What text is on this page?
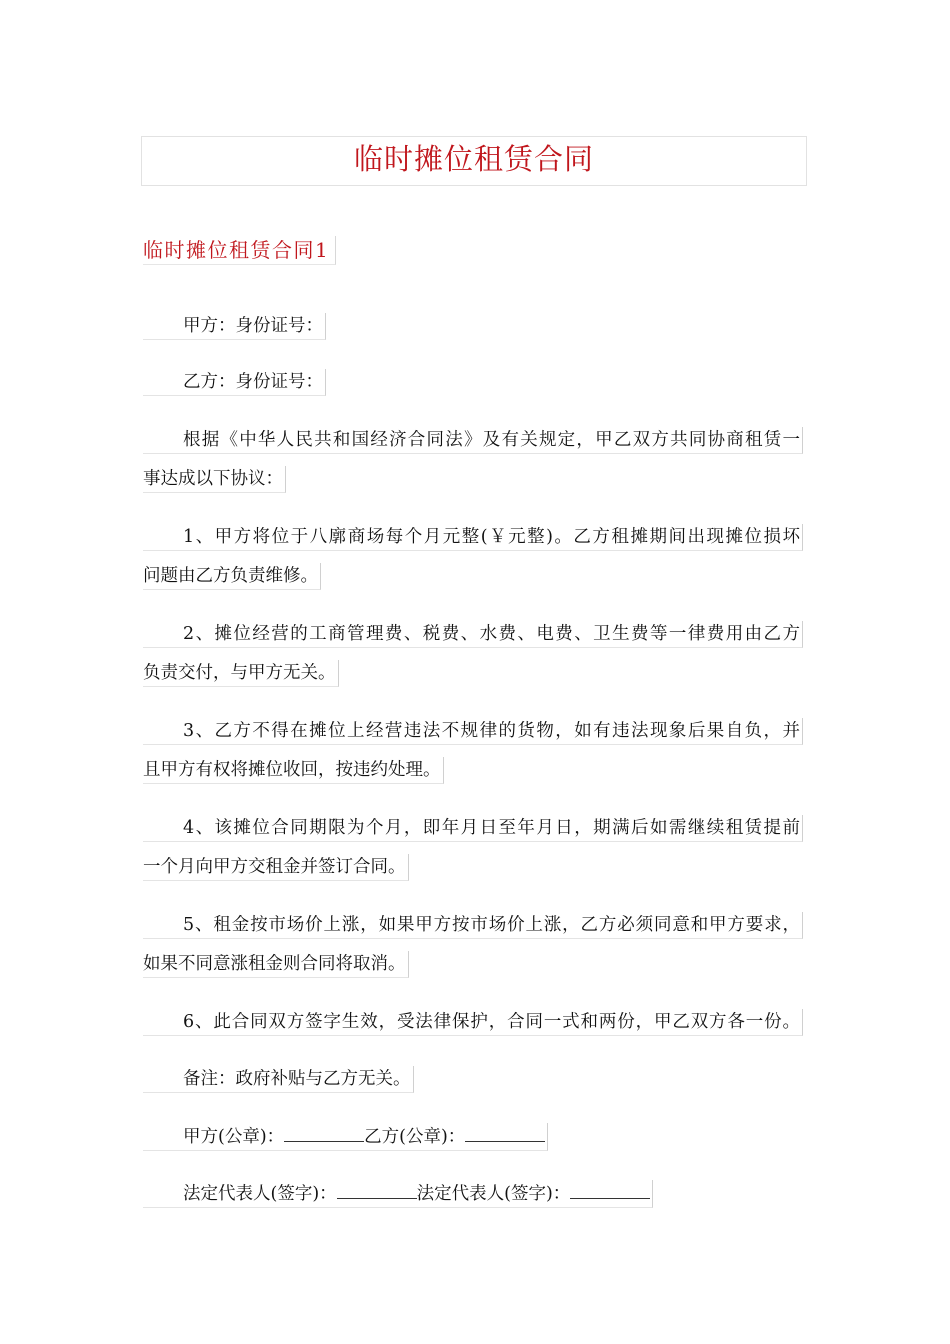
临时摊位租赁合同
临时摊位租赁合同1
甲方：身份证号：
乙方：身份证号：
根据《中华人民共和国经济合同法》及有关规定，甲乙双方共同协商租赁一
事达成以下协议：
1、甲方将位于八廓商场每个月元整(￥元整)。乙方租摊期间出现摊位损坏
问题由乙方负责维修。
2、摊位经营的工商管理费、税费、水费、电费、卫生费等一律费用由乙方
负责交付，与甲方无关。
3、乙方不得在摊位上经营违法不规律的货物，如有违法现象后果自负，并
且甲方有权将摊位收回，按违约处理。
4、该摊位合同期限为个月，即年月日至年月日，期满后如需继续租赁提前
一个月向甲方交租金并签订合同。
5、租金按市场价上涨，如果甲方按市场价上涨，乙方必须同意和甲方要求，
如果不同意涨租金则合同将取消。
6、此合同双方签字生效，受法律保护，合同一式和两份，甲乙双方各一份。
备注：政府补贴与乙方无关。
甲方(公章)：	乙方(公章)：
法定代表人(签字)：	法定代表人(签字)：
